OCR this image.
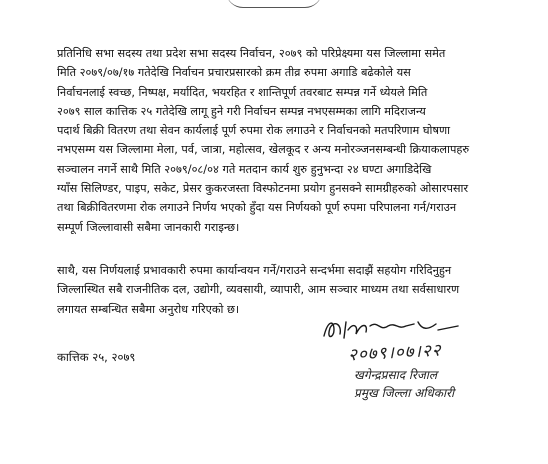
प्रतिनिधि सभा सदस्य तथा प्रदेश सभा सदस्य निर्वाचन, २०७९ को परिप्रेक्ष्यमा यस जिल्लामा समेत
मिति २०७९/०७/१७ गतेदेखि निर्वाचन प्रचारप्रसारको क्रम तीव्र रुपमा अगाडि बढेकोले यस
निर्वाचनलाई स्वच्छ, निष्पक्ष, मर्यादित, भयरहित र शान्तिपूर्ण तवरबाट सम्पन्न गर्ने ध्येयले मिति
२०७९ साल कात्तिक २५ गतेदेखि लागू हुने गरी निर्वाचन सम्पन्न नभएसम्मका लागि मदिराजन्य
पदार्थ बिक्री वितरण तथा सेवन कार्यलाई पूर्ण रुपमा रोक लगाउने र निर्वाचनको मतपरिणाम घोषणा
नभएसम्म यस जिल्लामा मेला, पर्व, जात्रा, महोत्सव, खेलकूद र अन्य मनोरञ्जनसम्बन्धी क्रियाकलापहरु
सञ्चालन नगर्ने साथै मिति २०७९/०८/०४ गते मतदान कार्य शुरु हुनुभन्दा २४ घण्टा अगाडिदेखि
ग्याँस सिलिण्डर, पाइप, सकेट, प्रेसर कुकरजस्ता विस्फोटनमा प्रयोग हुनसक्ने सामग्रीहरुको ओसारपसार
तथा बिक्रीवितरणमा रोक लगाउने निर्णय भएको हुँदा यस निर्णयको पूर्ण रुपमा परिपालना गर्न/गराउन
सम्पूर्ण जिल्लावासी सबैमा जानकारी गराइन्छ।
साथै, यस निर्णयलाई प्रभावकारी रुपमा कार्यान्वयन गर्ने/गराउने सन्दर्भमा सदाझैं सहयोग गरिदिनुहुन
जिल्लास्थित सबै राजनीतिक दल, उद्योगी, व्यवसायी, व्यापारी, आम सञ्चार माध्यम तथा सर्वसाधारण
लगायत सम्बन्धित सबैमा अनुरोध गरिएको छ।
कात्तिक २५, २०७९	२०७९।०७।२२
खगेन्द्रप्रसाद रिजाल
प्रमुख जिल्ला अधिकारी
